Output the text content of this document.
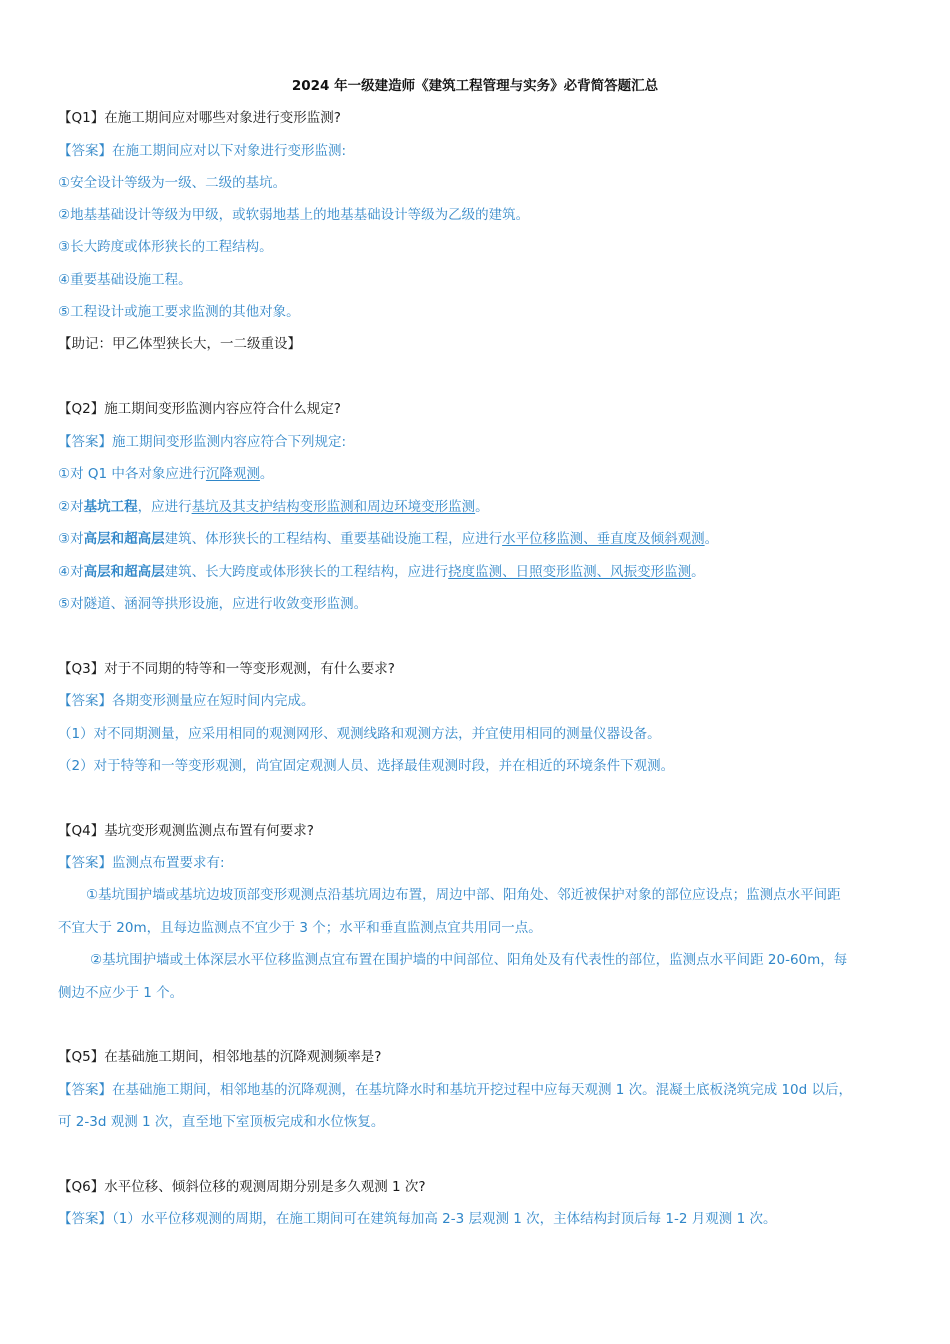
2024 年一级建造师《建筑工程管理与实务》必背简答题汇总
【Q1】在施工期间应对哪些对象进行变形监测?
【答案】在施工期间应对以下对象进行变形监测:
①安全设计等级为一级、二级的基坑。
②地基基础设计等级为甲级，或软弱地基上的地基基础设计等级为乙级的建筑。
③长大跨度或体形狭长的工程结构。
④重要基础设施工程。
⑤工程设计或施工要求监测的其他对象。
【助记：甲乙体型狭长大，一二级重设】
【Q2】施工期间变形监测内容应符合什么规定?
【答案】施工期间变形监测内容应符合下列规定:
①对 Q1 中各对象应进行沉降观测。
②对基坑工程，应进行基坑及其支护结构变形监测和周边环境变形监测。
③对高层和超高层建筑、体形狭长的工程结构、重要基础设施工程，应进行水平位移监测、垂直度及倾斜观测。
④对高层和超高层建筑、长大跨度或体形狭长的工程结构，应进行挠度监测、日照变形监测、风振变形监测。
⑤对隧道、涵洞等拱形设施，应进行收敛变形监测。
【Q3】对于不同期的特等和一等变形观测，有什么要求?
【答案】各期变形测量应在短时间内完成。
（1）对不同期测量，应采用相同的观测网形、观测线路和观测方法，并宜使用相同的测量仪器设备。
（2）对于特等和一等变形观测，尚宜固定观测人员、选择最佳观测时段，并在相近的环境条件下观测。
【Q4】基坑变形观测监测点布置有何要求?
【答案】监测点布置要求有:
①基坑围护墙或基坑边坡顶部变形观测点沿基坑周边布置，周边中部、阳角处、邻近被保护对象的部位应设点；监测点水平间距
不宜大于 20m，且每边监测点不宜少于 3 个；水平和垂直监测点宜共用同一点。
②基坑围护墙或土体深层水平位移监测点宜布置在围护墙的中间部位、阳角处及有代表性的部位，监测点水平间距 20-60m，每
侧边不应少于 1 个。
【Q5】在基础施工期间，相邻地基的沉降观测频率是?
【答案】在基础施工期间，相邻地基的沉降观测，在基坑降水时和基坑开挖过程中应每天观测 1 次。混凝土底板浇筑完成 10d 以后，
可 2-3d 观测 1 次，直至地下室顶板完成和水位恢复。
【Q6】水平位移、倾斜位移的观测周期分别是多久观测 1 次?
【答案】（1）水平位移观测的周期，在施工期间可在建筑每加高 2-3 层观测 1 次，主体结构封顶后每 1-2 月观测 1 次。
